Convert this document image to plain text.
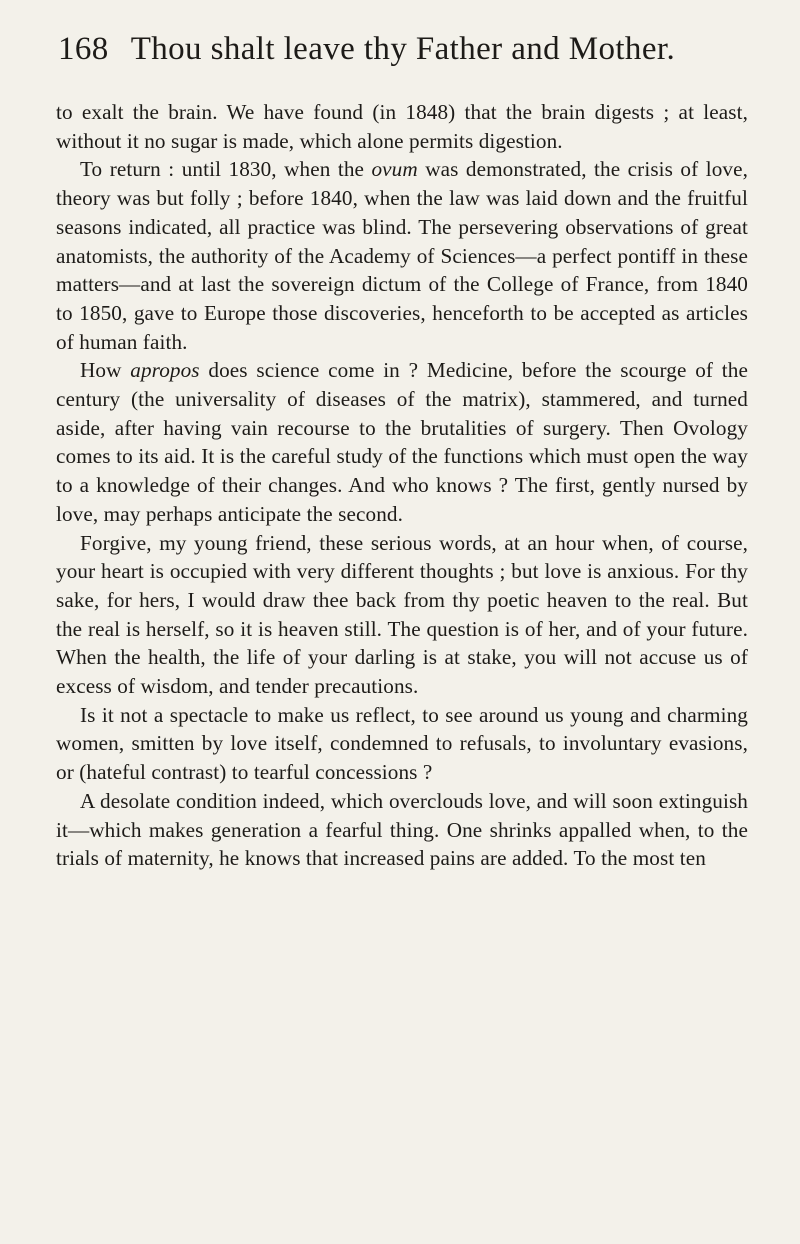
168 Thou shalt leave thy Father and Mother.

to exalt the brain. We have found (in 1848) that the brain digests ; at least, without it no sugar is made, which alone permits digestion.

To return : until 1830, when the ovum was demonstrated, the crisis of love, theory was but folly ; before 1840, when the law was laid down and the fruitful seasons indicated, all practice was blind. The persevering observations of great anatomists, the authority of the Academy of Sciences—a perfect pontiff in these matters—and at last the sovereign dictum of the College of France, from 1840 to 1850, gave to Europe those discoveries, henceforth to be accepted as articles of human faith.

How apropos does science come in ? Medicine, before the scourge of the century (the universality of diseases of the matrix), stammered, and turned aside, after having vain recourse to the brutalities of surgery. Then Ovology comes to its aid. It is the careful study of the functions which must open the way to a knowledge of their changes. And who knows ? The first, gently nursed by love, may perhaps anticipate the second.

Forgive, my young friend, these serious words, at an hour when, of course, your heart is occupied with very different thoughts ; but love is anxious. For thy sake, for hers, I would draw thee back from thy poetic heaven to the real. But the real is herself, so it is heaven still. The question is of her, and of your future. When the health, the life of your darling is at stake, you will not accuse us of excess of wisdom, and tender precautions.

Is it not a spectacle to make us reflect, to see around us young and charming women, smitten by love itself, condemned to refusals, to involuntary evasions, or (hateful contrast) to tearful concessions ?

A desolate condition indeed, which overclouds love, and will soon extinguish it—which makes generation a fearful thing. One shrinks appalled when, to the trials of maternity, he knows that increased pains are added. To the most ten
